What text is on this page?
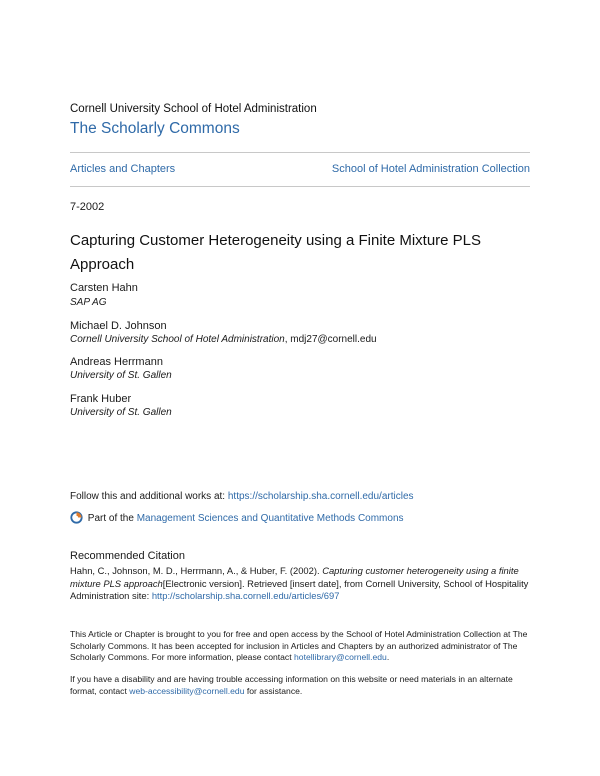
Cornell University School of Hotel Administration
The Scholarly Commons
Articles and Chapters	School of Hotel Administration Collection
7-2002
Capturing Customer Heterogeneity using a Finite Mixture PLS Approach
Carsten Hahn
SAP AG
Michael D. Johnson
Cornell University School of Hotel Administration, mdj27@cornell.edu
Andreas Herrmann
University of St. Gallen
Frank Huber
University of St. Gallen
Follow this and additional works at: https://scholarship.sha.cornell.edu/articles
Part of the Management Sciences and Quantitative Methods Commons
Recommended Citation
Hahn, C., Johnson, M. D., Herrmann, A., & Huber, F. (2002). Capturing customer heterogeneity using a finite mixture PLS approach[Electronic version]. Retrieved [insert date], from Cornell University, School of Hospitality Administration site: http://scholarship.sha.cornell.edu/articles/697
This Article or Chapter is brought to you for free and open access by the School of Hotel Administration Collection at The Scholarly Commons. It has been accepted for inclusion in Articles and Chapters by an authorized administrator of The Scholarly Commons. For more information, please contact hotellibrary@cornell.edu.
If you have a disability and are having trouble accessing information on this website or need materials in an alternate format, contact web-accessibility@cornell.edu for assistance.
